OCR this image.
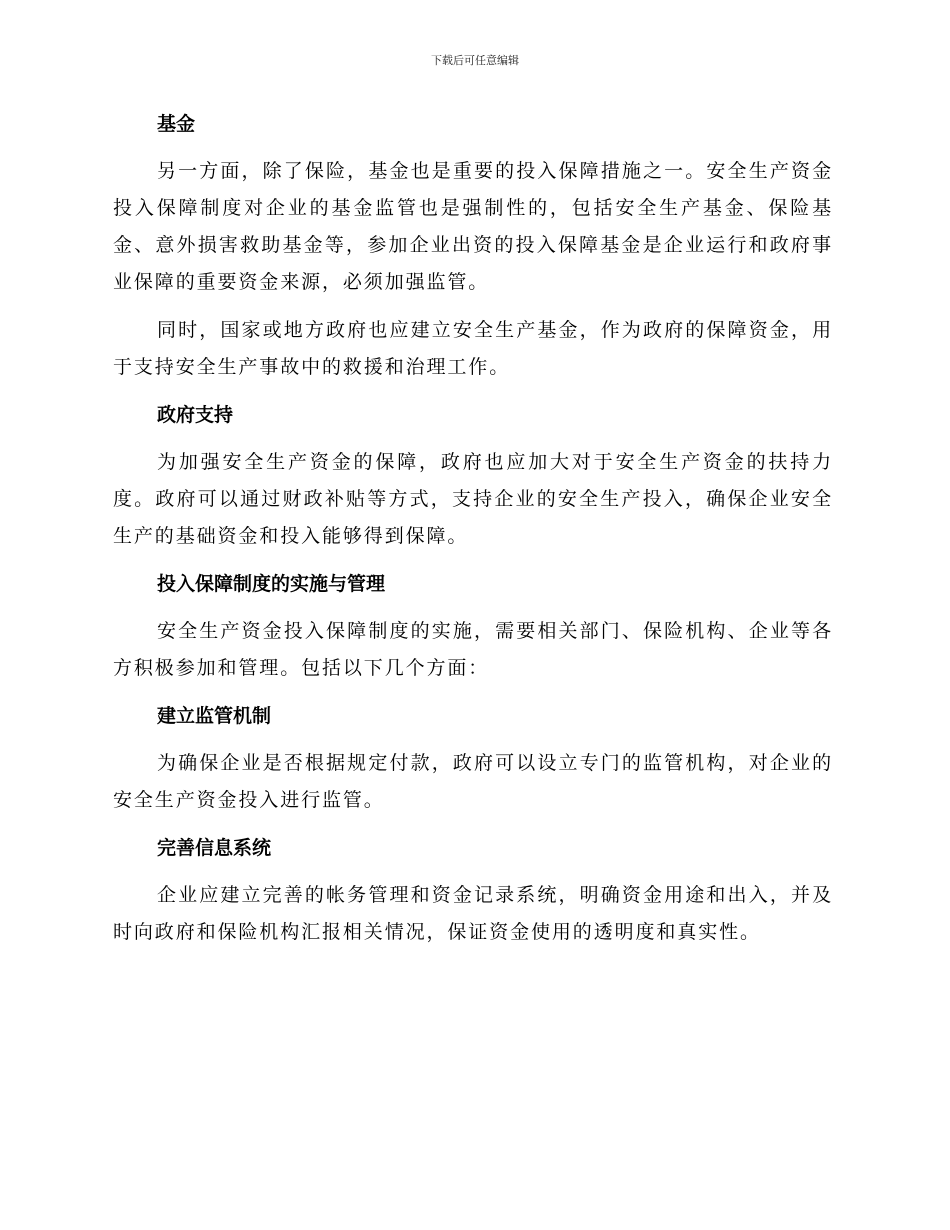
下载后可任意编辑
基金

另一方面，除了保险，基金也是重要的投入保障措施之一。安全生产资金投入保障制度对企业的基金监管也是强制性的，包括安全生产基金、保险基金、意外损害救助基金等，参加企业出资的投入保障基金是企业运行和政府事业保障的重要资金来源，必须加强监管。

同时，国家或地方政府也应建立安全生产基金，作为政府的保障资金，用于支持安全生产事故中的救援和治理工作。

政府支持

为加强安全生产资金的保障，政府也应加大对于安全生产资金的扶持力度。政府可以通过财政补贴等方式，支持企业的安全生产投入，确保企业安全生产的基础资金和投入能够得到保障。

投入保障制度的实施与管理

安全生产资金投入保障制度的实施，需要相关部门、保险机构、企业等各方积极参加和管理。包括以下几个方面：

建立监管机制

为确保企业是否根据规定付款，政府可以设立专门的监管机构，对企业的安全生产资金投入进行监管。

完善信息系统

企业应建立完善的帐务管理和资金记录系统，明确资金用途和出入，并及时向政府和保险机构汇报相关情况，保证资金使用的透明度和真实性。
